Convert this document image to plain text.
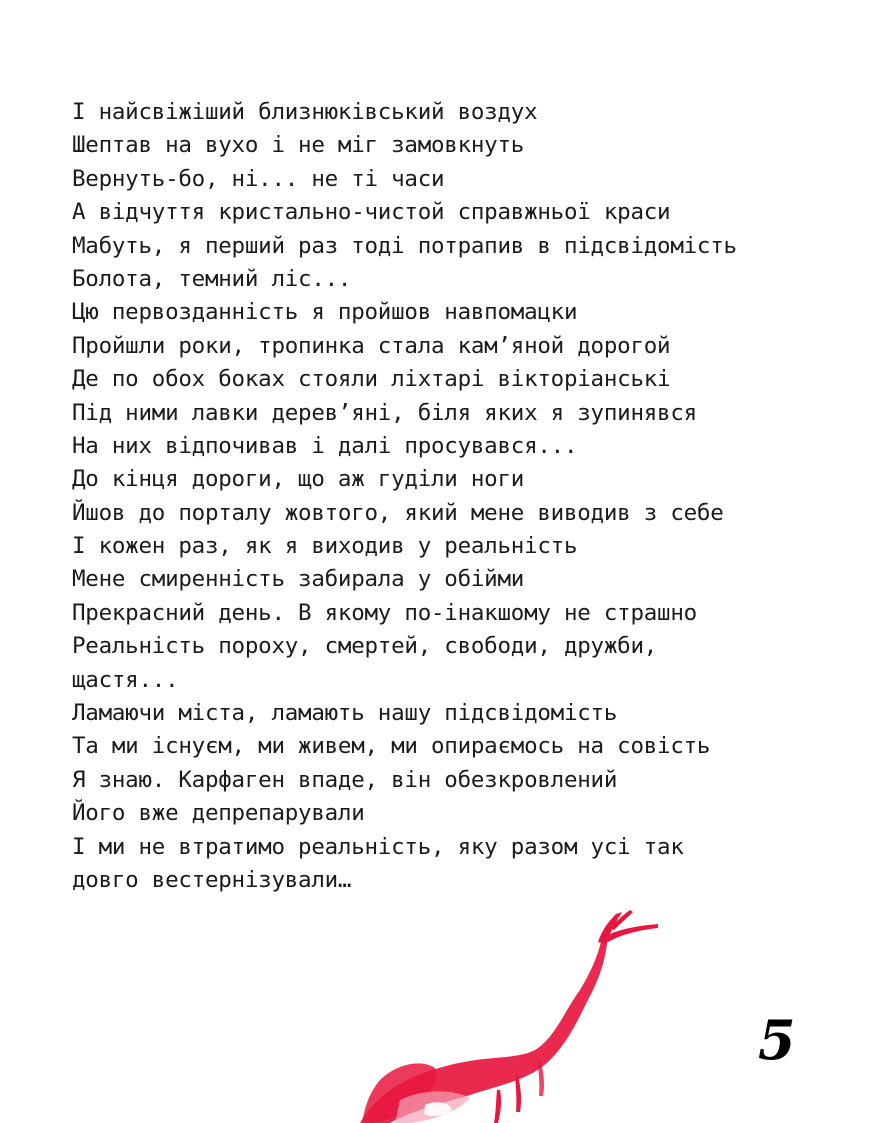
І найсвіжіший близнюківський воздух
Шептав на вухо і не міг замовкнуть
Вернуть-бо, ні... не ті часи
А відчуття кристально-чистой справжньої краси
Мабуть, я перший раз тоді потрапив в підсвідомість
Болота, темний ліс...
Цю первозданність я пройшов навпомацки
Пройшли роки, тропинка стала кам’яной дорогой
Де по обох боках стояли ліхтарі вікторіанські
Під ними лавки дерев’яні, біля яких я зупинявся
На них відпочивав і далі просувався...
До кінця дороги, що аж гуділи ноги
Йшов до порталу жовтого, який мене виводив з себе
І кожен раз, як я виходив у реальність
Мене смиренність забирала у обійми
Прекрасний день. В якому по-інакшому не страшно
Реальність пороху, смертей, свободи, дружби,
щастя...
Ламаючи міста, ламають нашу підсвідомість
Та ми існуєм, ми живем, ми опираємось на совість
Я знаю. Карфаген впаде, він обезкровлений
Його вже депрепарували
І ми не втратимо реальність, яку разом усі так
довго вестернізували…
5
